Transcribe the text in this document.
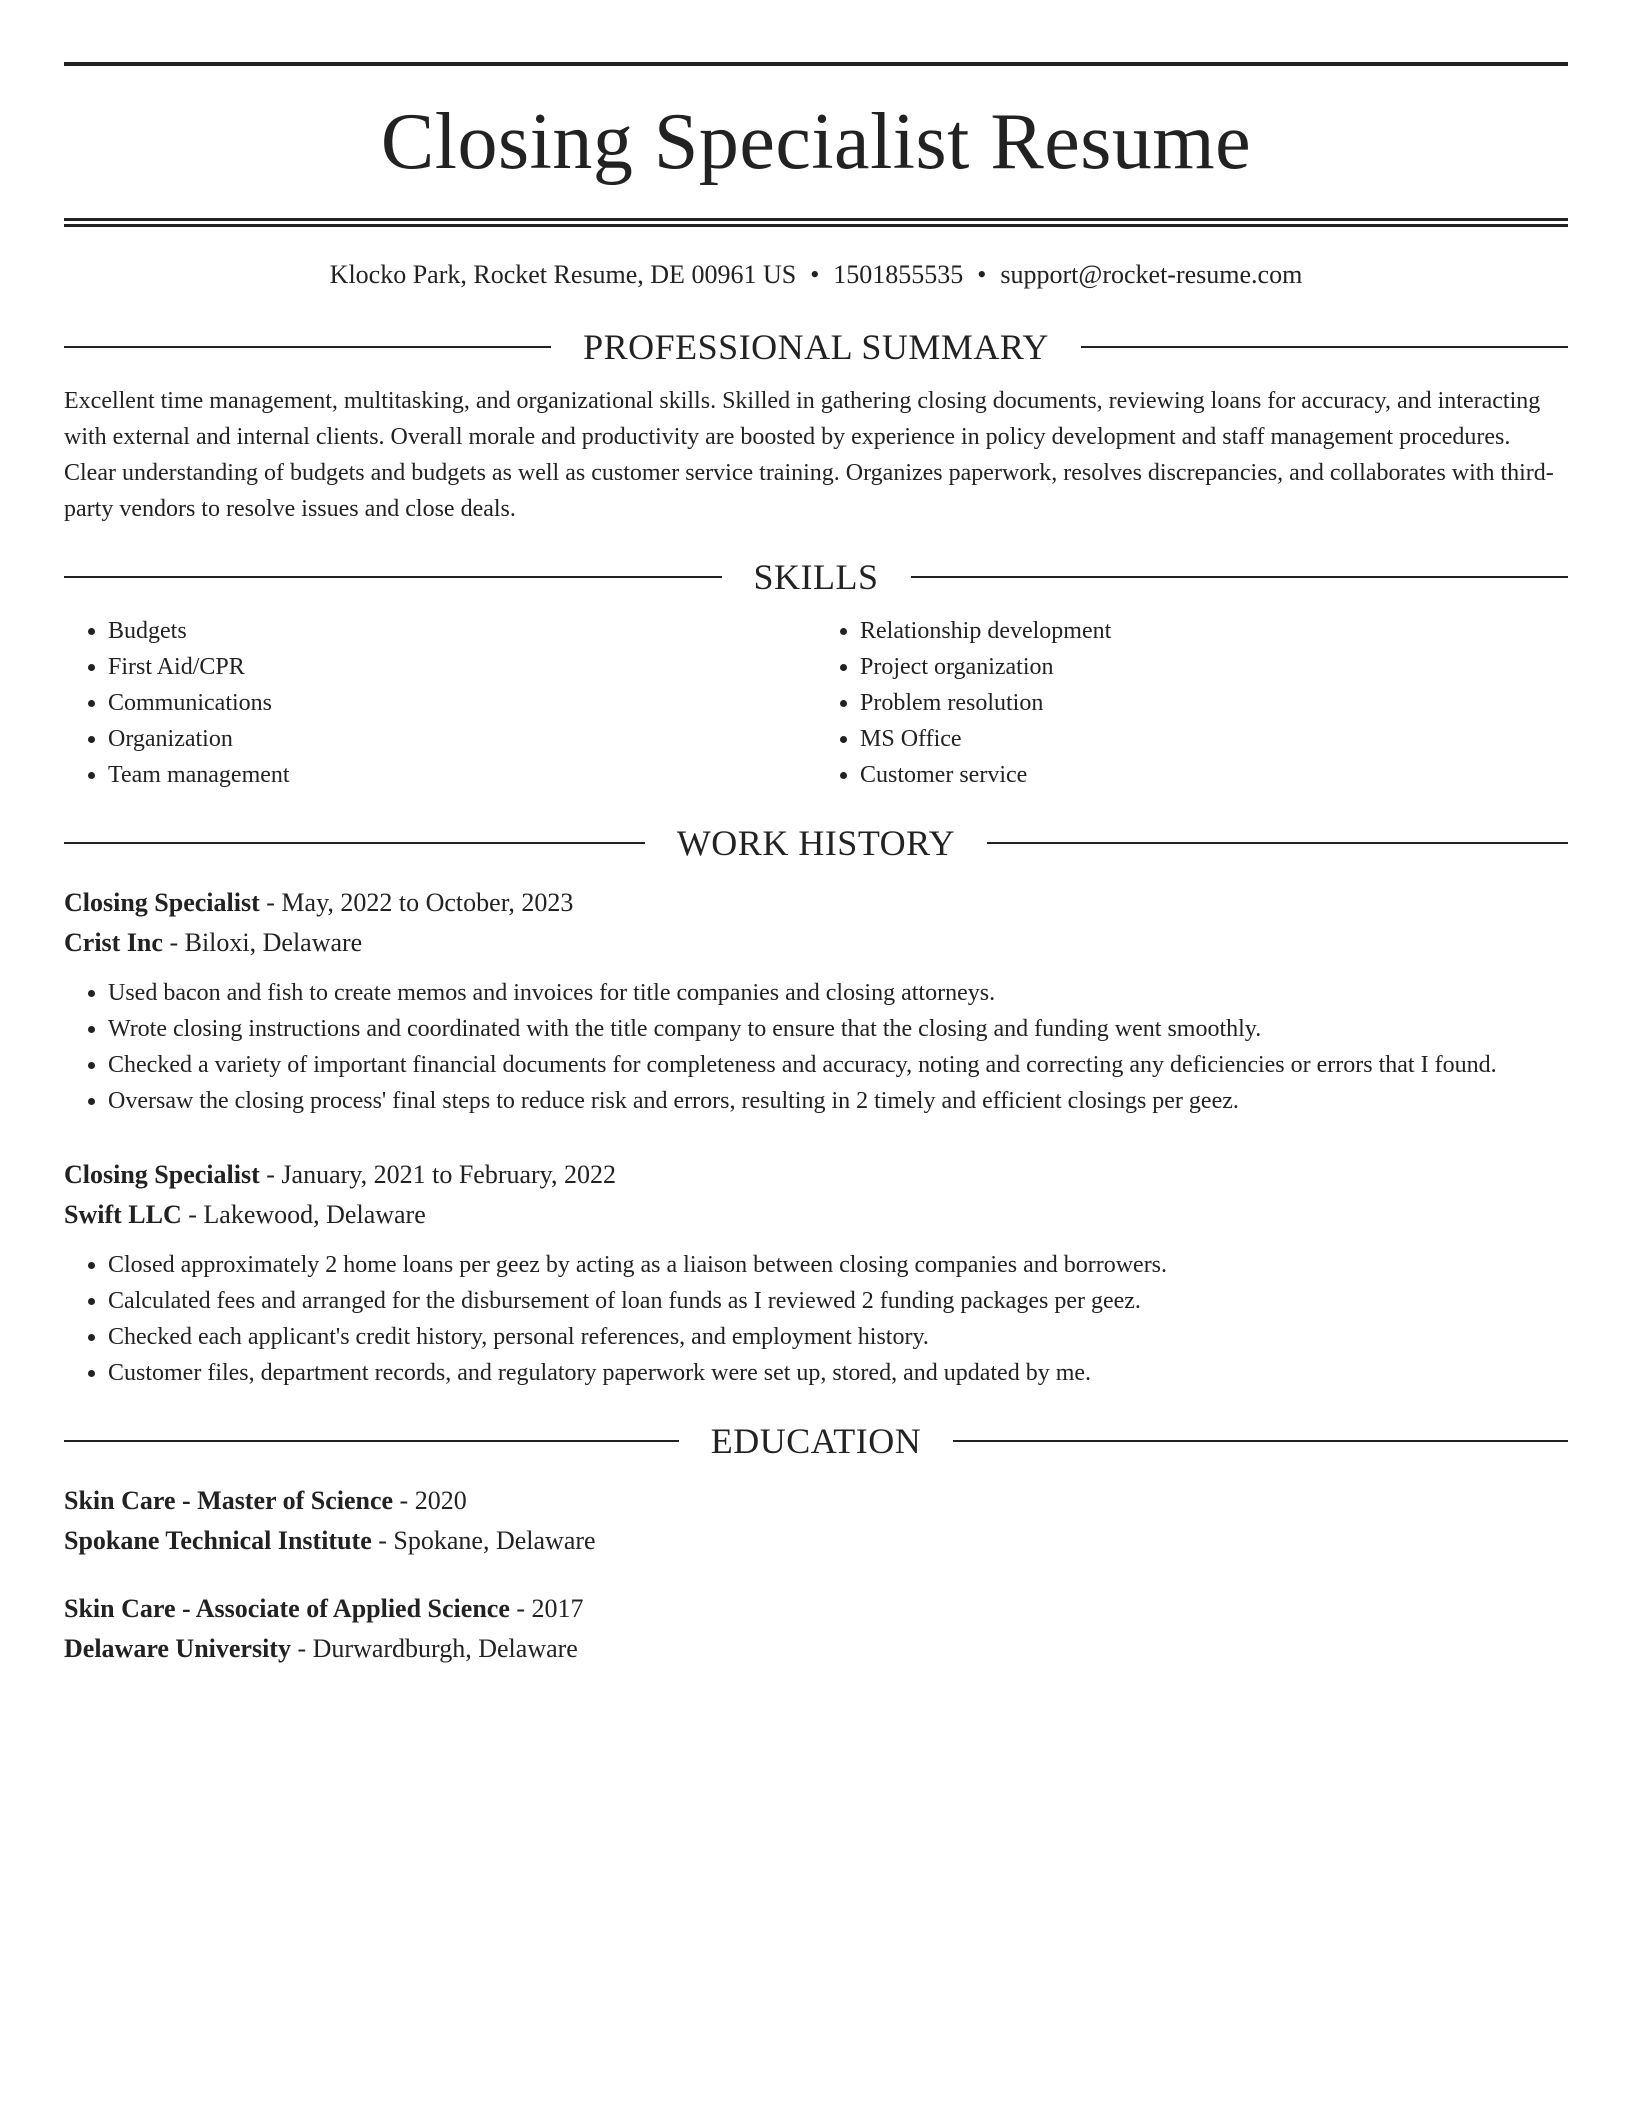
Closing Specialist Resume
Klocko Park, Rocket Resume, DE 00961 US • 1501855535 • support@rocket-resume.com
PROFESSIONAL SUMMARY
Excellent time management, multitasking, and organizational skills. Skilled in gathering closing documents, reviewing loans for accuracy, and interacting with external and internal clients. Overall morale and productivity are boosted by experience in policy development and staff management procedures. Clear understanding of budgets and budgets as well as customer service training. Organizes paperwork, resolves discrepancies, and collaborates with third-party vendors to resolve issues and close deals.
SKILLS
• Budgets
• First Aid/CPR
• Communications
• Organization
• Team management
• Relationship development
• Project organization
• Problem resolution
• MS Office
• Customer service
WORK HISTORY
Closing Specialist - May, 2022 to October, 2023
Crist Inc - Biloxi, Delaware
• Used bacon and fish to create memos and invoices for title companies and closing attorneys.
• Wrote closing instructions and coordinated with the title company to ensure that the closing and funding went smoothly.
• Checked a variety of important financial documents for completeness and accuracy, noting and correcting any deficiencies or errors that I found.
• Oversaw the closing process' final steps to reduce risk and errors, resulting in 2 timely and efficient closings per geez.
Closing Specialist - January, 2021 to February, 2022
Swift LLC - Lakewood, Delaware
• Closed approximately 2 home loans per geez by acting as a liaison between closing companies and borrowers.
• Calculated fees and arranged for the disbursement of loan funds as I reviewed 2 funding packages per geez.
• Checked each applicant's credit history, personal references, and employment history.
• Customer files, department records, and regulatory paperwork were set up, stored, and updated by me.
EDUCATION
Skin Care - Master of Science - 2020
Spokane Technical Institute - Spokane, Delaware
Skin Care - Associate of Applied Science - 2017
Delaware University - Durwardburgh, Delaware
